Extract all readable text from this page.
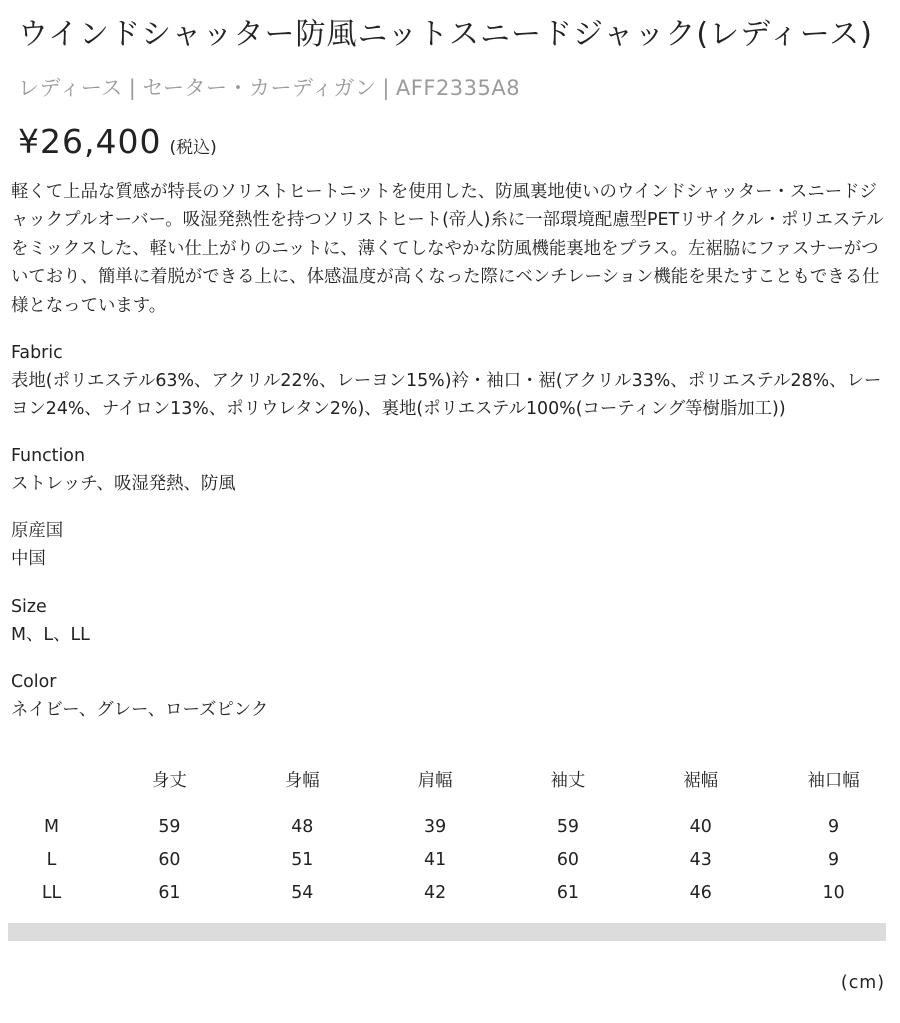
ウインドシャッター防風ニットスニードジャック(レディース)
レディース | セーター・カーディガン | AFF2335A8
¥26,400 (税込)

軽くて上品な質感が特長のソリストヒートニットを使用した、防風裏地使いのウインドシャッター・スニードジャックプルオーバー。吸湿発熱性を持つソリストヒート(帝人)糸に一部環境配慮型PETリサイクル・ポリエステルをミックスした、軽い仕上がりのニットに、薄くてしなやかな防風機能裏地をプラス。左裾脇にファスナーがついており、簡単に着脱ができる上に、体感温度が高くなった際にベンチレーション機能を果たすこともできる仕様となっています。

Fabric
表地(ポリエステル63%、アクリル22%、レーヨン15%)衿・袖口・裾(アクリル33%、ポリエステル28%、レーヨン24%、ナイロン13%、ポリウレタン2%)、裏地(ポリエステル100%(コーティング等樹脂加工))
Function
ストレッチ、吸湿発熱、防風
原産国
中国
Size
M、L、LL
Color
ネイビー、グレー、ローズピンク
	身丈	身幅	肩幅	袖丈	裾幅	袖口幅

M	59	48	39	59	40	9
L	60	51	41	60	43	9
LL	61	54	42	61	46	10
(cm)
